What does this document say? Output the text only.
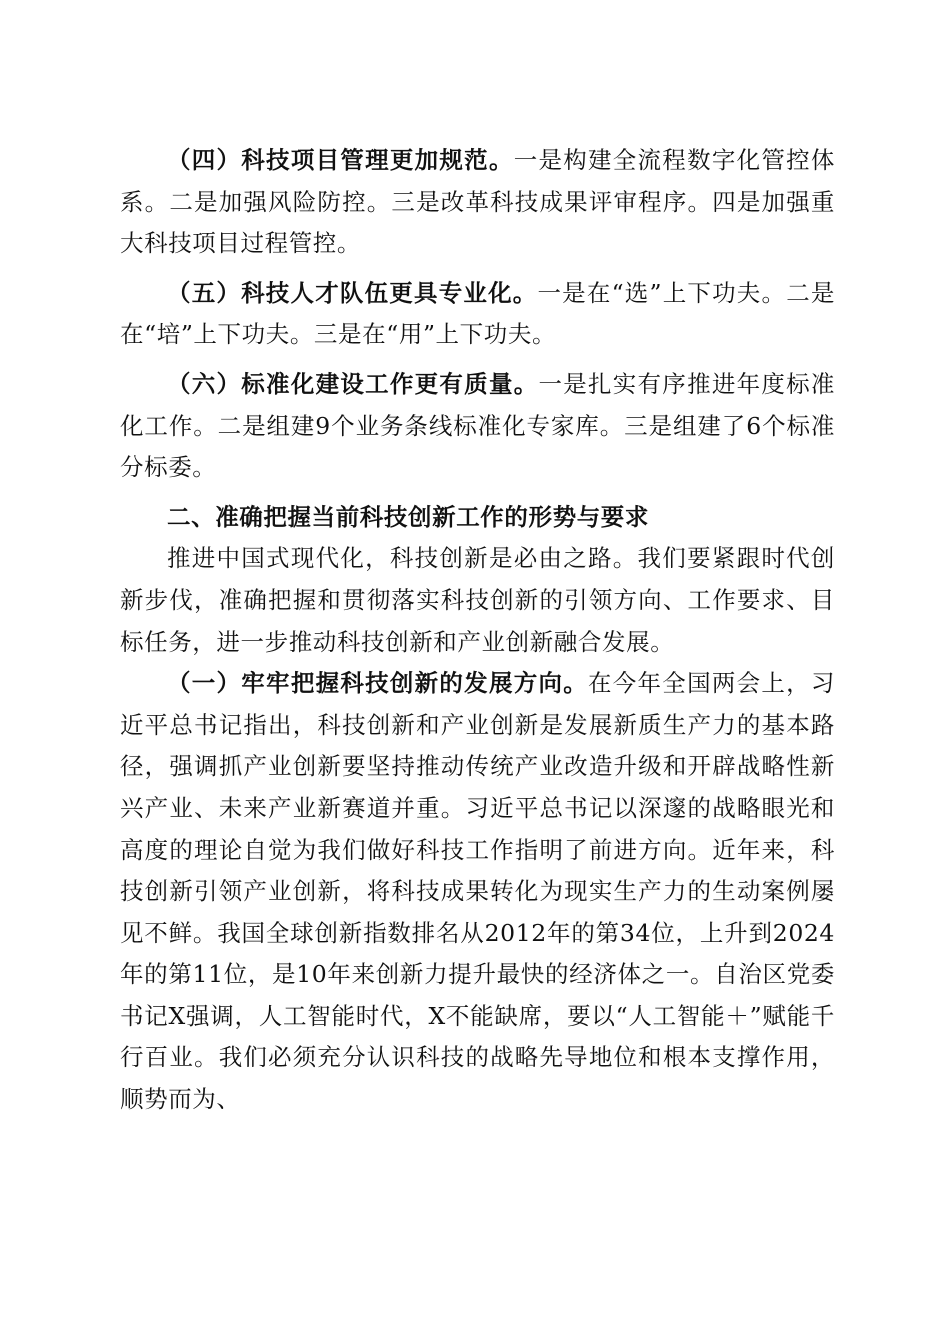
（四）科技项目管理更加规范。一是构建全流程数字化管控体系。二是加强风险防控。三是改革科技成果评审程序。四是加强重大科技项目过程管控。

（五）科技人才队伍更具专业化。一是在“选”上下功夫。二是在“培”上下功夫。三是在“用”上下功夫。

（六）标准化建设工作更有质量。一是扎实有序推进年度标准化工作。二是组建9个业务条线标准化专家库。三是组建了6个标准分标委。

二、准确把握当前科技创新工作的形势与要求

推进中国式现代化，科技创新是必由之路。我们要紧跟时代创新步伐，准确把握和贯彻落实科技创新的引领方向、工作要求、目标任务，进一步推动科技创新和产业创新融合发展。

（一）牢牢把握科技创新的发展方向。在今年全国两会上，习近平总书记指出，科技创新和产业创新是发展新质生产力的基本路径，强调抓产业创新要坚持推动传统产业改造升级和开辟战略性新兴产业、未来产业新赛道并重。习近平总书记以深邃的战略眼光和高度的理论自觉为我们做好科技工作指明了前进方向。近年来，科技创新引领产业创新，将科技成果转化为现实生产力的生动案例屡见不鲜。我国全球创新指数排名从2012年的第34位，上升到2024年的第11位，是10年来创新力提升最快的经济体之一。自治区党委书记X强调，人工智能时代，X不能缺席，要以“人工智能＋”赋能千行百业。我们必须充分认识科技的战略先导地位和根本支撑作用，顺势而为、
